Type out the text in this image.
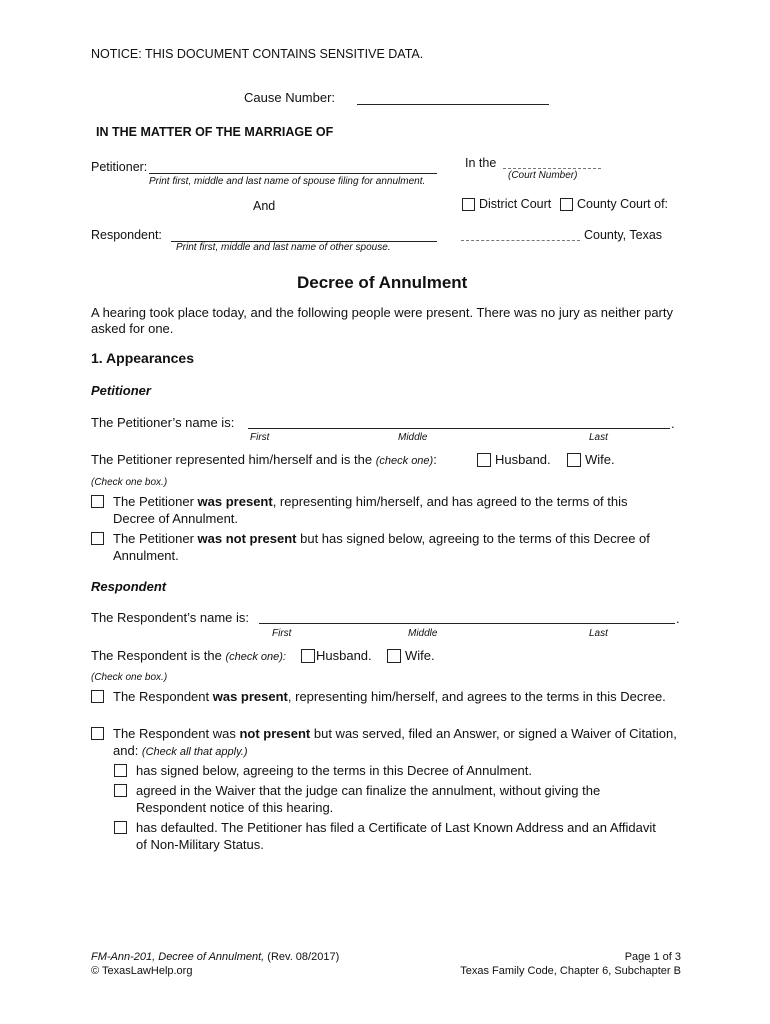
NOTICE: THIS DOCUMENT CONTAINS SENSITIVE DATA.
Cause Number:
IN THE MATTER OF THE MARRIAGE OF
Petitioner:
Print first, middle and last name of spouse filing for annulment.
And
Respondent:
Print first, middle and last name of other spouse.
In the
(Court Number)
District Court County Court of:
County, Texas
Decree of Annulment
A hearing took place today, and the following people were present. There was no jury as neither party asked for one.
1. Appearances
Petitioner
The Petitioner’s name is:	.
First	Middle	Last
The Petitioner represented him/herself and is the (check one):	Husband.	Wife.
(Check one box.)
The Petitioner was present, representing him/herself, and has agreed to the terms of this Decree of Annulment.
The Petitioner was not present but has signed below, agreeing to the terms of this Decree of Annulment.
Respondent
The Respondent’s name is:	.
First	Middle	Last
The Respondent is the (check one): Husband.	Wife.
(Check one box.)
The Respondent was present, representing him/herself, and agrees to the terms in this Decree.
The Respondent was not present but was served, filed an Answer, or signed a Waiver of Citation, and: (Check all that apply.)
has signed below, agreeing to the terms in this Decree of Annulment.
agreed in the Waiver that the judge can finalize the annulment, without giving the Respondent notice of this hearing.
has defaulted. The Petitioner has filed a Certificate of Last Known Address and an Affidavit of Non-Military Status.
FM-Ann-201, Decree of Annulment, (Rev. 08/2017)
© TexasLawHelp.org
Page 1 of 3
Texas Family Code, Chapter 6, Subchapter B
